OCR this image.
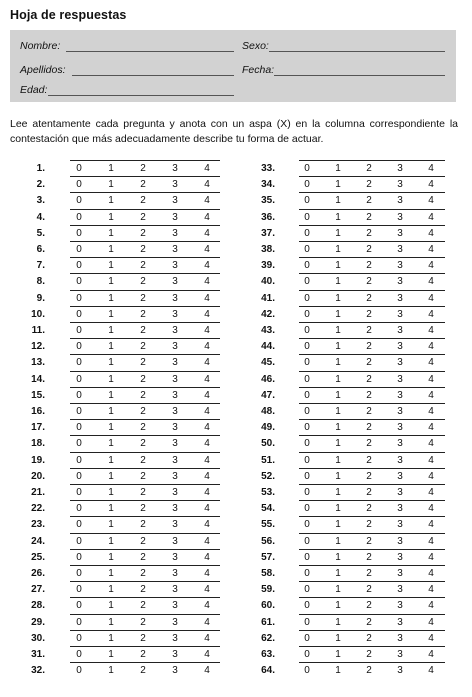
Hoja de respuestas
Nombre:	Sexo:
Apellidos:	Fecha:
Edad:
Lee atentamente cada pregunta y anota con un aspa (X) en la columna correspondiente la contestación que más adecuadamente describe tu forma de actuar.
1.	0	1	2	3	4
2.	0	1	2	3	4
3.	0	1	2	3	4
4.	0	1	2	3	4
5.	0	1	2	3	4
6.	0	1	2	3	4
7.	0	1	2	3	4
8.	0	1	2	3	4
9.	0	1	2	3	4
10.	0	1	2	3	4
11.	0	1	2	3	4
12.	0	1	2	3	4
13.	0	1	2	3	4
14.	0	1	2	3	4
15.	0	1	2	3	4
16.	0	1	2	3	4
17.	0	1	2	3	4
18.	0	1	2	3	4
19.	0	1	2	3	4
20.	0	1	2	3	4
21.	0	1	2	3	4
22.	0	1	2	3	4
23.	0	1	2	3	4
24.	0	1	2	3	4
25.	0	1	2	3	4
26.	0	1	2	3	4
27.	0	1	2	3	4
28.	0	1	2	3	4
29.	0	1	2	3	4
30.	0	1	2	3	4
31.	0	1	2	3	4
32.	0	1	2	3	4
33.	0	1	2	3	4
34.	0	1	2	3	4
35.	0	1	2	3	4
36.	0	1	2	3	4
37.	0	1	2	3	4
38.	0	1	2	3	4
39.	0	1	2	3	4
40.	0	1	2	3	4
41.	0	1	2	3	4
42.	0	1	2	3	4
43.	0	1	2	3	4
44.	0	1	2	3	4
45.	0	1	2	3	4
46.	0	1	2	3	4
47.	0	1	2	3	4
48.	0	1	2	3	4
49.	0	1	2	3	4
50.	0	1	2	3	4
51.	0	1	2	3	4
52.	0	1	2	3	4
53.	0	1	2	3	4
54.	0	1	2	3	4
55.	0	1	2	3	4
56.	0	1	2	3	4
57.	0	1	2	3	4
58.	0	1	2	3	4
59.	0	1	2	3	4
60.	0	1	2	3	4
61.	0	1	2	3	4
62.	0	1	2	3	4
63.	0	1	2	3	4
64.	0	1	2	3	4
